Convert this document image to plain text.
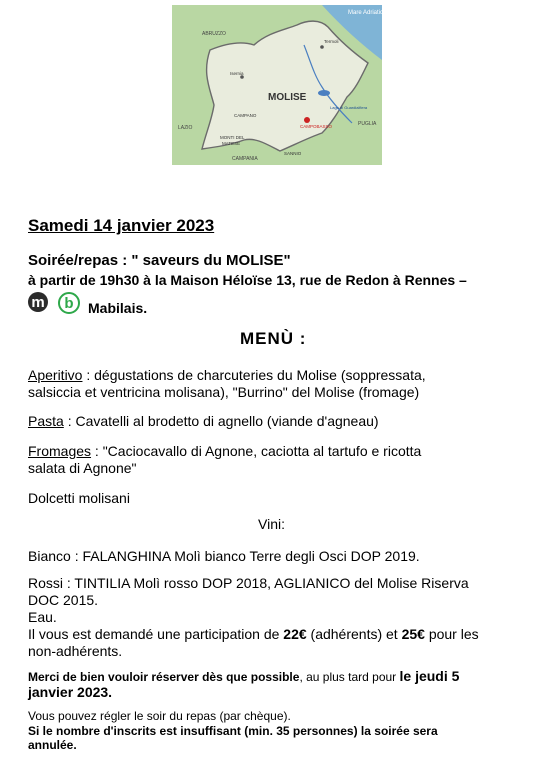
Mare Adriatico
MOLISE
ABRUZZO
LAZIO
CAMPANIA
PUGLIA
Isernia
CAMPOBASSO
CAMPANO
MONTI DEL
MATESE
SANNIO
Termoli
Lago di Guardialfiera
Samedi 14 janvier 2023
Soirée/repas : " saveurs du MOLISE"
à partir de 19h30 à la Maison Héloïse 13, rue de Redon à Rennes –
m b Mabilais.
MENÙ :
Aperitivo : dégustations de charcuteries du Molise (soppressata,
salsiccia et ventricina molisana), "Burrino" del Molise (fromage)
Pasta : Cavatelli al brodetto di agnello (viande d'agneau)
Fromages : "Caciocavallo di Agnone, caciotta al tartufo e ricotta
salata di Agnone"
Dolcetti molisani
Vini:
Bianco : FALANGHINA Molì bianco Terre degli Osci DOP 2019.
Rossi : TINTILIA Molì rosso DOP 2018, AGLIANICO del Molise Riserva
DOC 2015.
Eau.
Il vous est demandé une participation de 22€ (adhérents) et 25€ pour les
non-adhérents.
Merci de bien vouloir réserver dès que possible, au plus tard pour le jeudi 5
janvier 2023.
Vous pouvez régler le soir du repas (par chèque).
Si le nombre d'inscrits est insuffisant (min. 35 personnes) la soirée sera
annulée.
